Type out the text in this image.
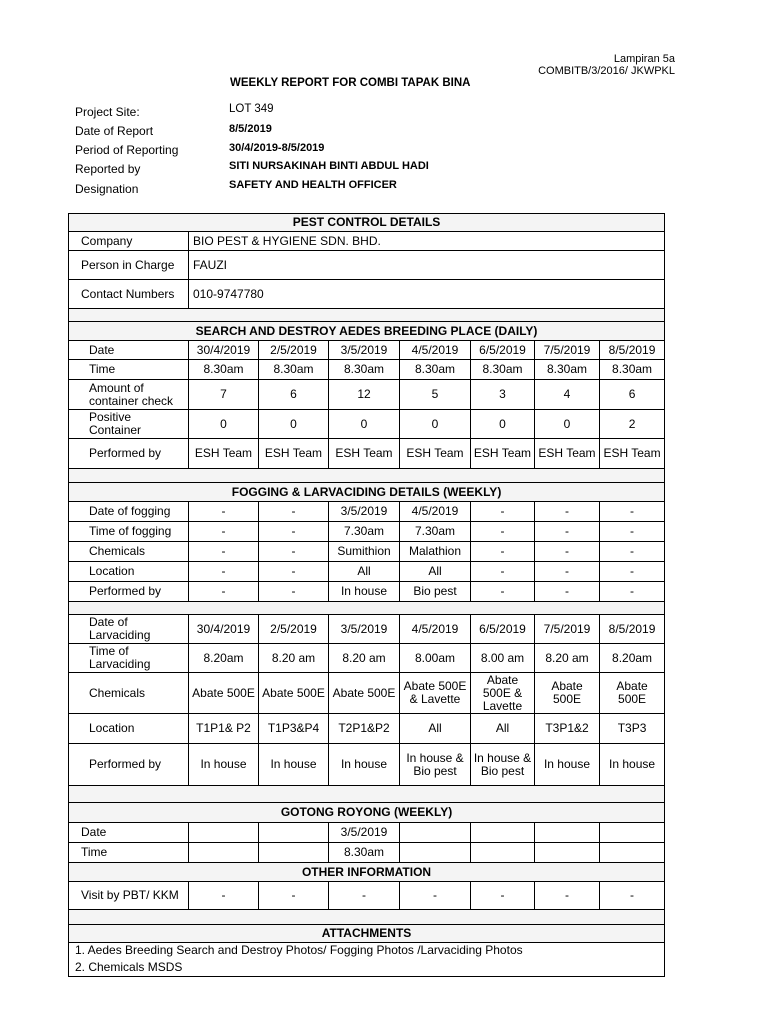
Lampiran 5a
COMBITB/3/2016/ JKWPKL
WEEKLY REPORT FOR COMBI TAPAK BINA
Project Site:	LOT 349
Date of Report	8/5/2019
Period of Reporting	30/4/2019-8/5/2019
Reported by	SITI NURSAKINAH BINTI ABDUL HADI
Designation	SAFETY AND HEALTH OFFICER
PEST CONTROL DETAILS							
Company	BIO PEST & HYGIENE SDN. BHD.						
Person in Charge	FAUZI						
Contact Numbers	010-9747780						

SEARCH AND DESTROY AEDES BREEDING PLACE (DAILY)							
Date	30/4/2019	2/5/2019	3/5/2019	4/5/2019	6/5/2019	7/5/2019	8/5/2019
Time	8.30am	8.30am	8.30am	8.30am	8.30am	8.30am	8.30am
Amount of container check	7	6	12	5	3	4	6
Positive Container	0	0	0	0	0	0	2
Performed by	ESH Team	ESH Team	ESH Team	ESH Team	ESH Team	ESH Team	ESH Team

FOGGING & LARVACIDING DETAILS (WEEKLY)							
Date of fogging	-	-	3/5/2019	4/5/2019	-	-	-
Time of fogging	-	-	7.30am	7.30am	-	-	-
Chemicals	-	-	Sumithion	Malathion	-	-	-
Location	-	-	All	All	-	-	-
Performed by	-	-	In house	Bio pest	-	-	-

Date of Larvaciding	30/4/2019	2/5/2019	3/5/2019	4/5/2019	6/5/2019	7/5/2019	8/5/2019
Time of Larvaciding	8.20am	8.20 am	8.20 am	8.00am	8.00 am	8.20 am	8.20am
Chemicals	Abate 500E	Abate 500E	Abate 500E	Abate 500E & Lavette	Abate 500E & Lavette	Abate 500E	Abate 500E
Location	T1P1& P2	T1P3&P4	T2P1&P2	All	All	T3P1&2	T3P3
Performed by	In house	In house	In house	In house & Bio pest	In house & Bio pest	In house	In house

GOTONG ROYONG (WEEKLY)							
Date			3/5/2019				
Time			8.30am				
OTHER INFORMATION							
Visit by PBT/ KKM	-	-	-	-	-	-	-

ATTACHMENTS							
1. Aedes Breeding Search and Destroy Photos/ Fogging Photos /Larvaciding Photos							
2. Chemicals MSDS							
